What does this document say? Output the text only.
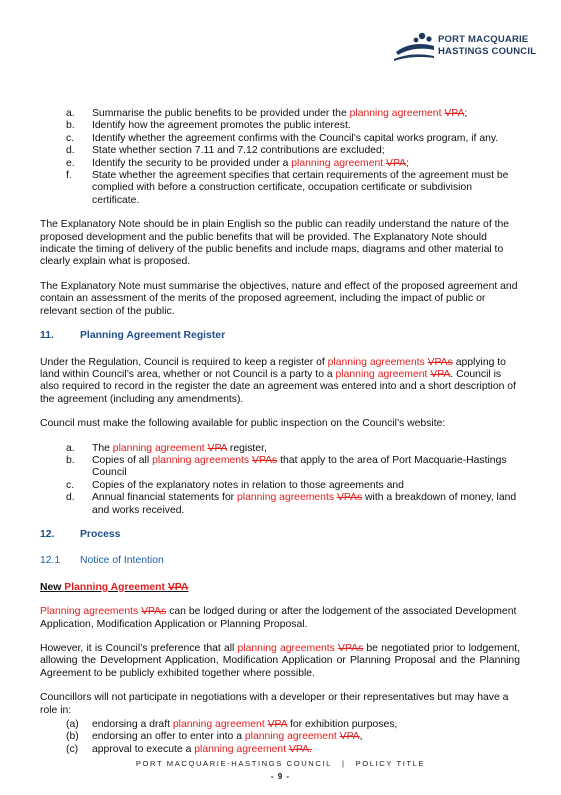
PORT MACQUARIE
HASTINGS COUNCIL
a. Summarise the public benefits to be provided under the planning agreement VPA;
b. Identify how the agreement promotes the public interest.
c. Identify whether the agreement confirms with the Council’s capital works program, if any.
d. State whether section 7.11 and 7.12 contributions are excluded;
e. Identify the security to be provided under a planning agreement VPA;
f. State whether the agreement specifies that certain requirements of the agreement must be complied with before a construction certificate, occupation certificate or subdivision certificate.

The Explanatory Note should be in plain English so the public can readily understand the nature of the proposed development and the public benefits that will be provided. The Explanatory Note should indicate the timing of delivery of the public benefits and include maps, diagrams and other material to clearly explain what is proposed.

The Explanatory Note must summarise the objectives, nature and effect of the proposed agreement and contain an assessment of the merits of the proposed agreement, including the impact of public or relevant section of the public.

11.	Planning Agreement Register

Under the Regulation, Council is required to keep a register of planning agreements VPAs applying to land within Council’s area, whether or not Council is a party to a planning agreement VPA. Council is also required to record in the register the date an agreement was entered into and a short description of the agreement (including any amendments).

Council must make the following available for public inspection on the Council’s website:

a. The planning agreement VPA register,
b. Copies of all planning agreements VPAs that apply to the area of Port Macquarie-Hastings Council
c. Copies of the explanatory notes in relation to those agreements and
d. Annual financial statements for planning agreements VPAs with a breakdown of money, land and works received.
12. Process
12.1 Notice of Intention
New Planning Agreement VPA

Planning agreements VPAs can be lodged during or after the lodgement of the associated Development Application, Modification Application or Planning Proposal.

However, it is Council’s preference that all planning agreements VPAs be negotiated prior to lodgement, allowing the Development Application, Modification Application or Planning Proposal and the Planning Agreement to be publicly exhibited together where possible.

Councillors will not participate in negotiations with a developer or their representatives but may have a role in:

(a) endorsing a draft planning agreement VPA for exhibition purposes,
(b) endorsing an offer to enter into a planning agreement VPA,
(c) approval to execute a planning agreement VPA.
PORT MACQUARIE-HASTINGS COUNCIL | POLICY TITLE
- 9 -
